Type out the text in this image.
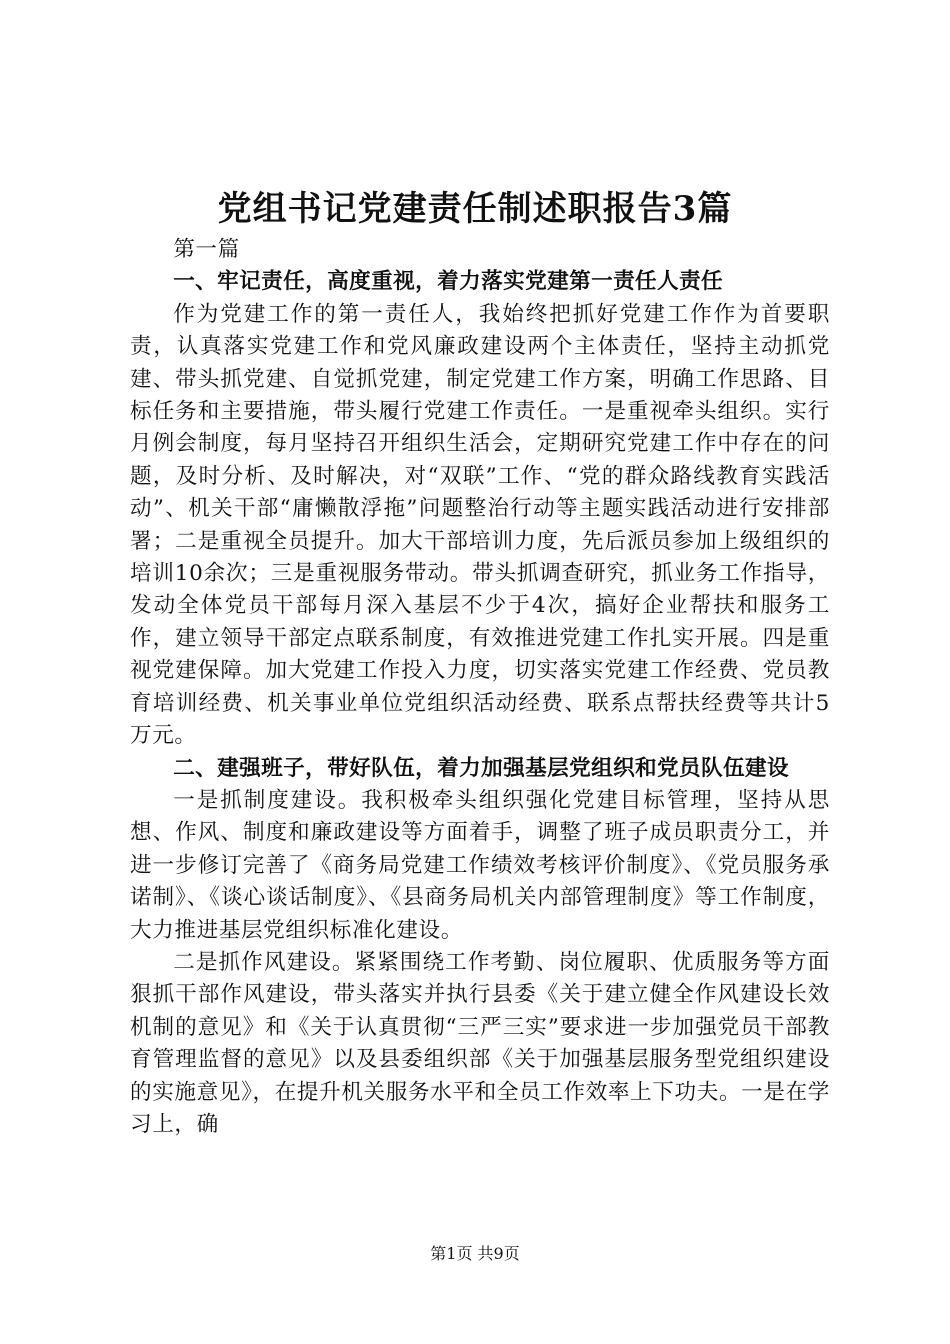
党组书记党建责任制述职报告3篇

第一篇

一、牢记责任，高度重视，着力落实党建第一责任人责任

作为党建工作的第一责任人，我始终把抓好党建工作作为首要职责，认真落实党建工作和党风廉政建设两个主体责任，坚持主动抓党建、带头抓党建、自觉抓党建，制定党建工作方案，明确工作思路、目标任务和主要措施，带头履行党建工作责任。一是重视牵头组织。实行月例会制度，每月坚持召开组织生活会，定期研究党建工作中存在的问题，及时分析、及时解决，对“双联”工作、“党的群众路线教育实践活动”、机关干部“庸懒散浮拖”问题整治行动等主题实践活动进行安排部署；二是重视全员提升。加大干部培训力度，先后派员参加上级组织的培训10余次；三是重视服务带动。带头抓调查研究，抓业务工作指导，发动全体党员干部每月深入基层不少于4次，搞好企业帮扶和服务工作，建立领导干部定点联系制度，有效推进党建工作扎实开展。四是重视党建保障。加大党建工作投入力度，切实落实党建工作经费、党员教育培训经费、机关事业单位党组织活动经费、联系点帮扶经费等共计5万元。

二、建强班子，带好队伍，着力加强基层党组织和党员队伍建设

一是抓制度建设。我积极牵头组织强化党建目标管理，坚持从思想、作风、制度和廉政建设等方面着手，调整了班子成员职责分工，并进一步修订完善了《商务局党建工作绩效考核评价制度》、《党员服务承诺制》、《谈心谈话制度》、《县商务局机关内部管理制度》等工作制度，大力推进基层党组织标准化建设。

二是抓作风建设。紧紧围绕工作考勤、岗位履职、优质服务等方面狠抓干部作风建设，带头落实并执行县委《关于建立健全作风建设长效机制的意见》和《关于认真贯彻“三严三实”要求进一步加强党员干部教育管理监督的意见》以及县委组织部《关于加强基层服务型党组织建设的实施意见》，在提升机关服务水平和全员工作效率上下功夫。一是在学习上，确

第1页 共9页
